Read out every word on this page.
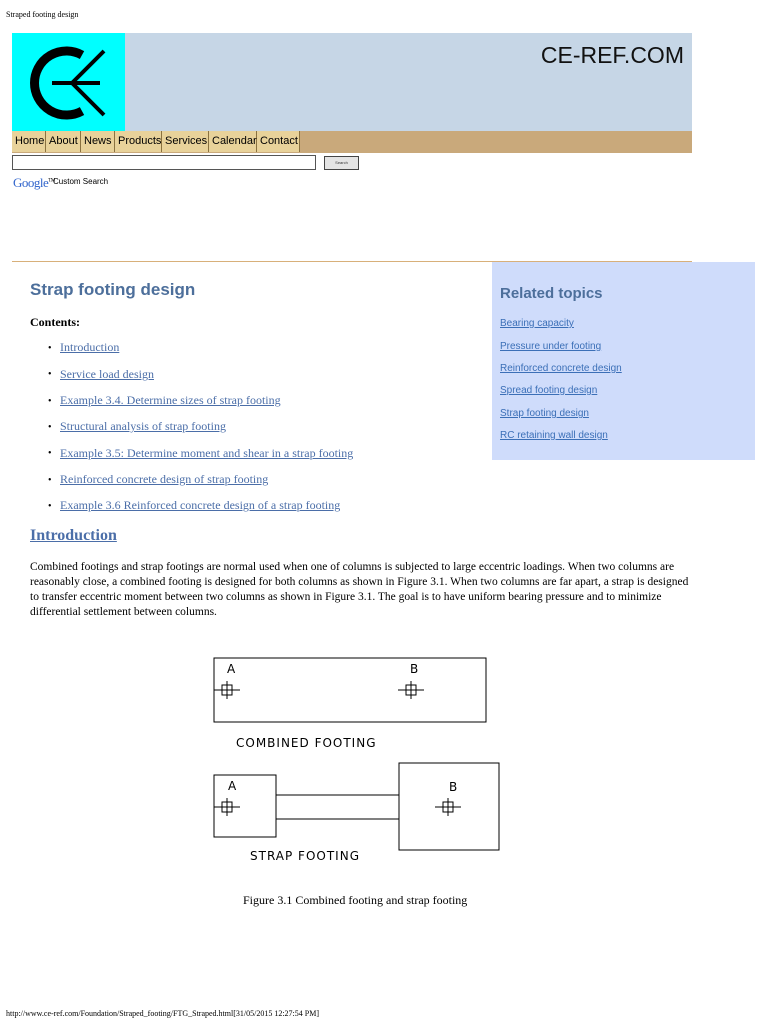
Straped footing design
CE-REF.COM
Home About News Products Services Calendar Contact
Search
Google™
Custom Search
Related topics
Bearing capacity
Pressure under footing
Reinforced concrete design
Spread footing design
Strap footing design
RC retaining wall design
Strap footing design
Contents:
• Introduction
• Service load design
• Example 3.4. Determine sizes of strap footing
• Structural analysis of strap footing
• Example 3.5: Determine moment and shear in a strap footing
• Reinforced concrete design of strap footing
• Example 3.6 Reinforced concrete design of a strap footing
Introduction
Combined footings and strap footings are normal used when one of columns is subjected to large eccentric loadings. When two columns are reasonably close, a combined footing is designed for both columns as shown in Figure 3.1. When two columns are far apart, a strap is designed to transfer eccentric moment between two columns as shown in Figure 3.1. The goal is to have uniform bearing pressure and to minimize differential settlement between columns.
A	B
COMBINED FOOTING
A	B
STRAP FOOTING
Figure 3.1 Combined footing and strap footing
http://www.ce-ref.com/Foundation/Straped_footing/FTG_Straped.html[31/05/2015 12:27:54 PM]
